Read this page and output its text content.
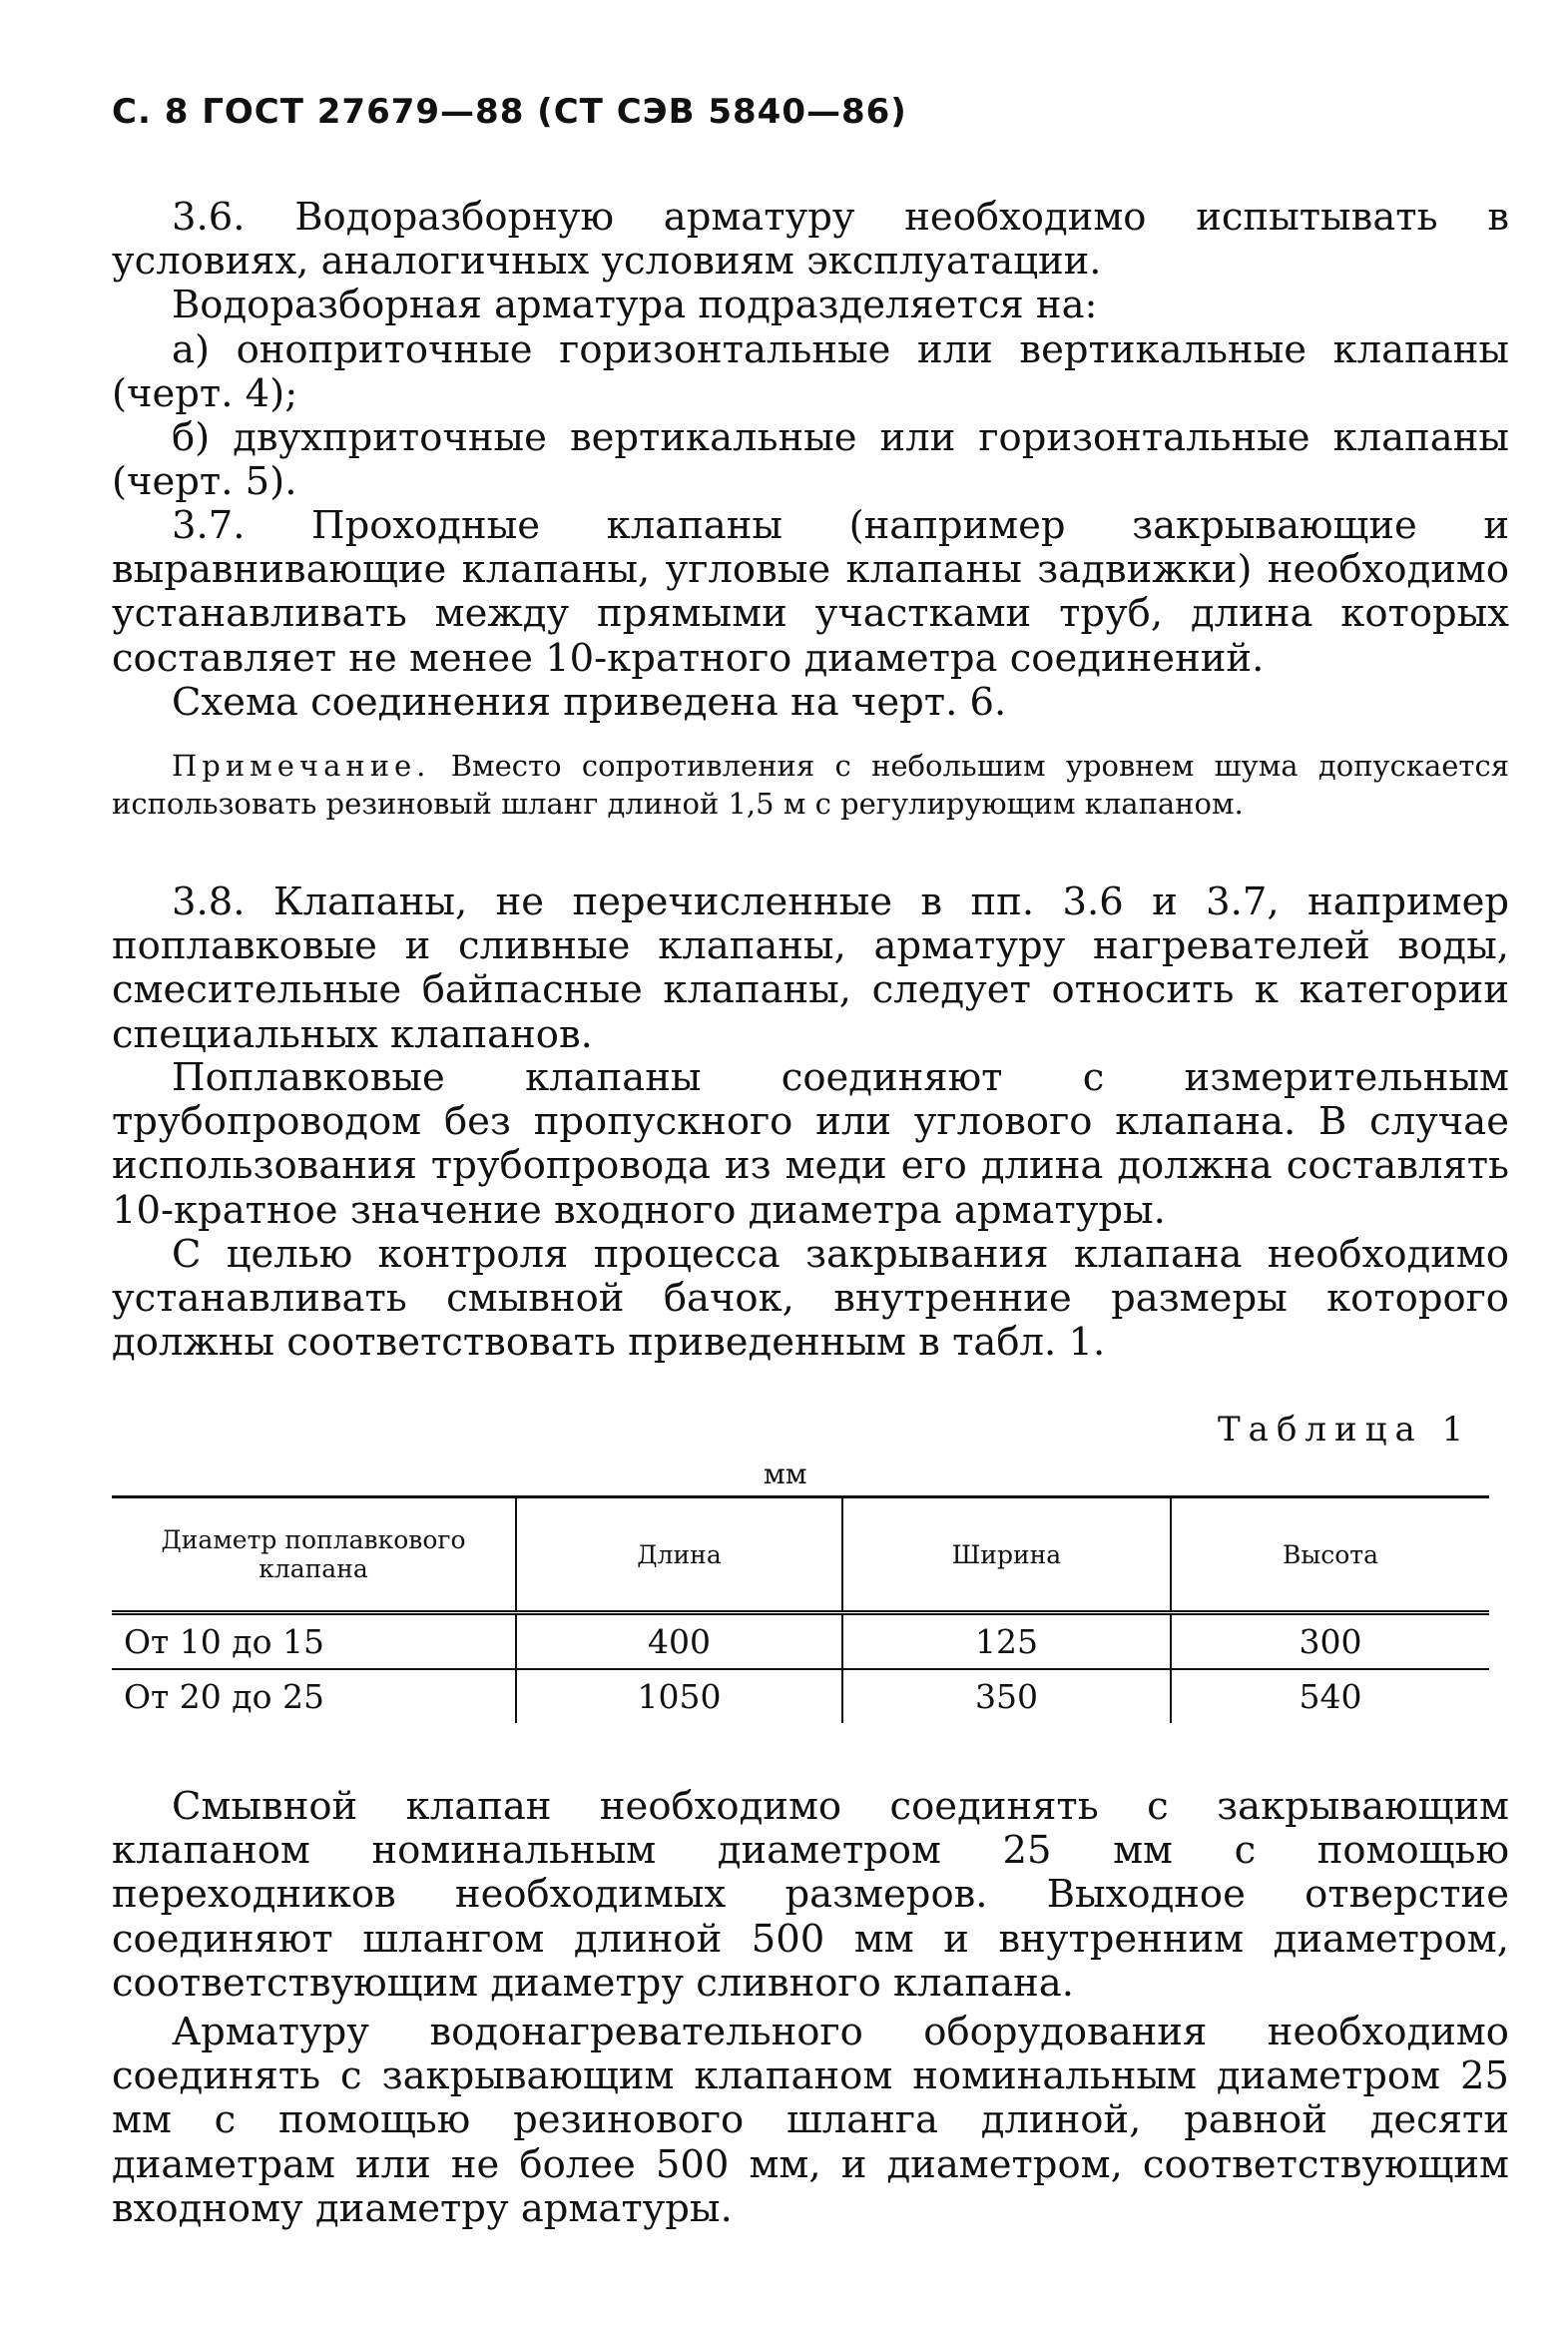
С. 8 ГОСТ 27679—88 (СТ СЭВ 5840—86)

3.6. Водоразборную арматуру необходимо испытывать в условиях, аналогичных условиям эксплуатации.

Водоразборная арматура подразделяется на:

а) оноприточные горизонтальные или вертикальные клапаны (черт. 4);

б) двухприточные вертикальные или горизонтальные клапаны (черт. 5).

3.7. Проходные клапаны (например закрывающие и выравнивающие клапаны, угловые клапаны задвижки) необходимо устанавливать между прямыми участками труб, длина которых составляет не менее 10-кратного диаметра соединений.

Схема соединения приведена на черт. 6.

Примечание. Вместо сопротивления с небольшим уровнем шума допускается использовать резиновый шланг длиной 1,5 м с регулирующим клапаном.

3.8. Клапаны, не перечисленные в пп. 3.6 и 3.7, например поплавковые и сливные клапаны, арматуру нагревателей воды, смесительные байпасные клапаны, следует относить к категории специальных клапанов.

Поплавковые клапаны соединяют с измерительным трубопроводом без пропускного или углового клапана. В случае использования трубопровода из меди его длина должна составлять 10-кратное значение входного диаметра арматуры.

С целью контроля процесса закрывания клапана необходимо устанавливать смывной бачок, внутренние размеры которого должны соответствовать приведенным в табл. 1.

Таблица 1
мм
Диаметр поплавкового клапана	Длина	Ширина	Высота
От 10 до 15	400	125	300
От 20 до 25	1050	350	540

Смывной клапан необходимо соединять с закрывающим клапаном номинальным диаметром 25 мм с помощью переходников необходимых размеров. Выходное отверстие соединяют шлангом длиной 500 мм и внутренним диаметром, соответствующим диаметру сливного клапана.

Арматуру водонагревательного оборудования необходимо соединять с закрывающим клапаном номинальным диаметром 25 мм с помощью резинового шланга длиной, равной десяти диаметрам или не более 500 мм, и диаметром, соответствующим входному диаметру арматуры.
